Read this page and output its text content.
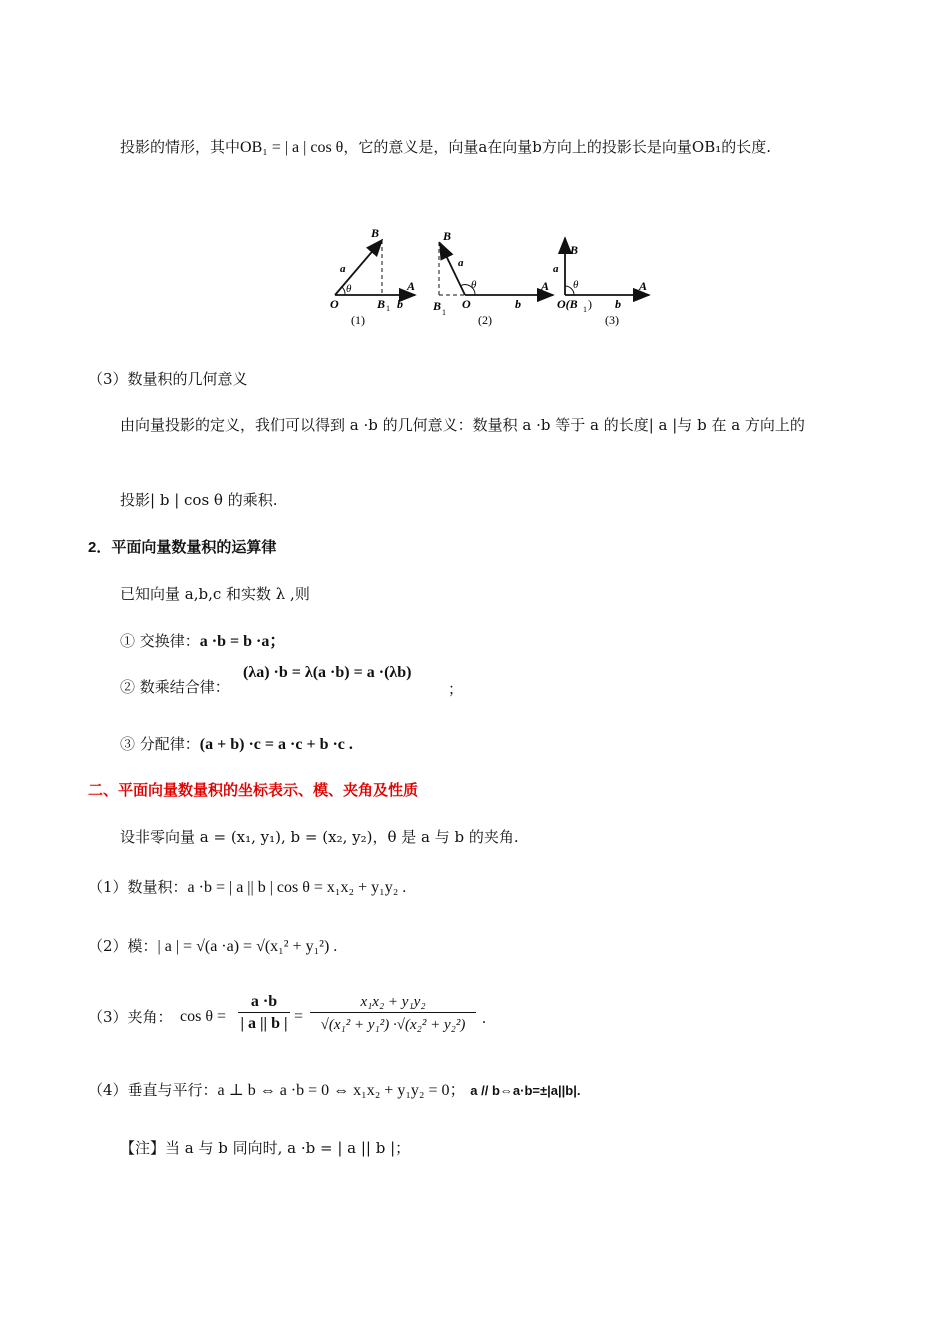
投影的情形，其中OB₁ = | a | cos θ，它的意义是，向量a在向量b方向上的投影长是向量OB₁的长度.
B
a
θ	A
O	B 1 b
(1)
B
a
θ	A
O
B 1
b
(2)
B
a
θ	A
O(B 1 ) b
(3)
（3）数量积的几何意义
由向量投影的定义，我们可以得到 a ·b 的几何意义：数量积 a ·b 等于 a 的长度| a |与 b 在 a 方向上的
投影| b | cos θ 的乘积.
2．平面向量数量积的运算律
已知向量 a,b,c 和实数 λ ,则
① 交换律：a ·b = b ·a；
② 数乘结合律：
(λa) ·b = λ(a ·b) = a ·(λb)
；
③ 分配律：(a + b) ·c = a ·c + b ·c .
二、平面向量数量积的坐标表示、模、夹角及性质
设非零向量 a = (x₁, y₁), b = (x₂, y₂)，θ 是 a 与 b 的夹角.
（1）数量积：a ·b = | a || b | cos θ = x₁x₂ + y₁y₂ .
（2）模：| a | = √(a ·a) = √(x₁² + y₁²) .
（3）夹角： cos θ =
a ·b
| a || b | =
x₁x₂ + y₁y₂
√(x₁² + y₁²) ·√(x₂² + y₂²)	.
（4）垂直与平行：a ⊥ b ⇔ a ·b = 0 ⇔ x₁x₂ + y₁y₂ = 0； a // b⇔a·b=±|a||b|.
【注】当 a 与 b 同向时, a ·b = | a || b |；
